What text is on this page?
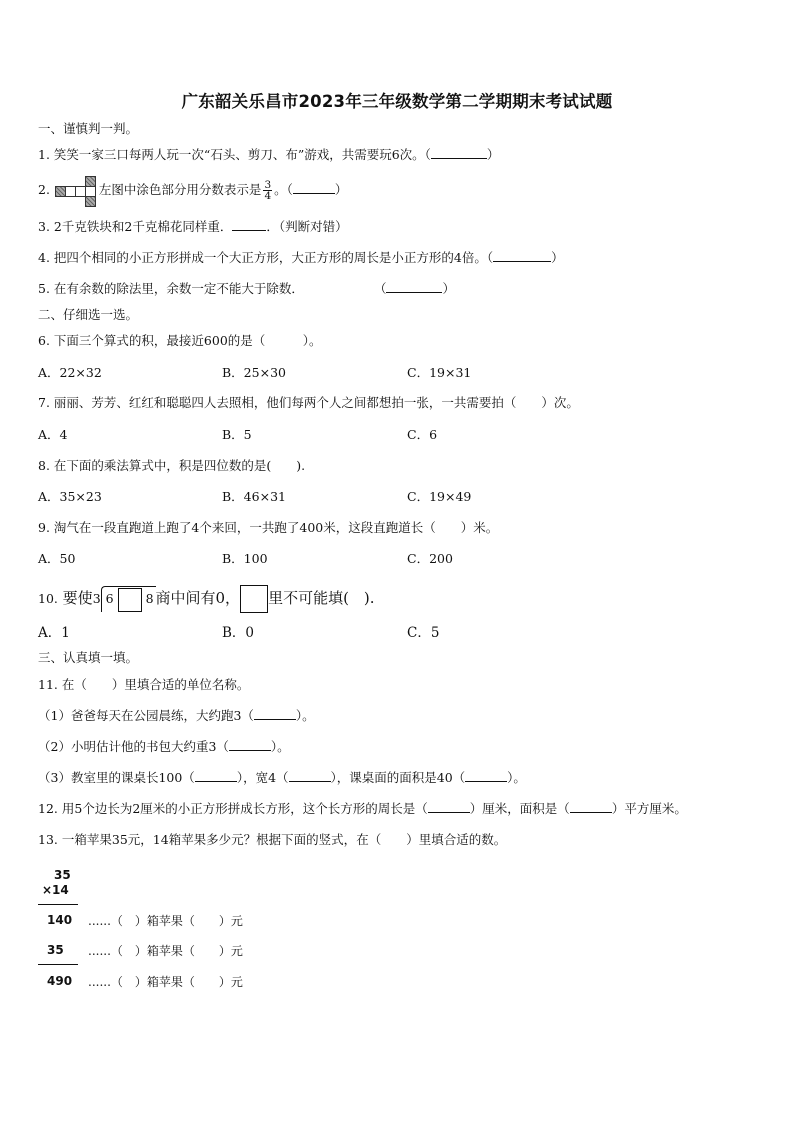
广东韶关乐昌市2023年三年级数学第二学期期末考试试题
一、谨慎判一判。
1. 笑笑一家三口每两人玩一次“石头、剪刀、布”游戏，共需要玩6次。（	）
2.	左图中涂色部分用分数表示是 $\frac{3}{4}$ 。（	）
3. 2千克铁块和2千克棉花同样重．	．（判断对错）
4. 把四个相同的小正方形拼成一个大正方形，大正方形的周长是小正方形的4倍。（	）
5. 在有余数的除法里，余数一定不能大于除数．	（	）
二、仔细选一选。
6. 下面三个算式的积，最接近600的是（　　　）。
A．22×32	B．25×30	C．19×31
7. 丽丽、芳芳、红红和聪聪四人去照相，他们每两个人之间都想拍一张，一共需要拍（　　）次。
A．4	B．5	C．6
8. 在下面的乘法算式中，积是四位数的是(　　).
A．35×23	B．46×31	C．19×49
9. 淘气在一段直跑道上跑了4个来回，一共跑了400米，这段直跑道长（　　）米。
A．50	B．100	C．200
10. 要使3 6	8 商中间有0， 里不可能填(　).
A．1	B．0	C．5
三、认真填一填。
11. 在（　　）里填合适的单位名称。
（1）爸爸每天在公园晨练，大约跑3（	）。
（2）小明估计他的书包大约重3（	）。
（3）教室里的课桌长100（	），宽4（	），课桌面的面积是40（	）。
12. 用5个边长为2厘米的小正方形拼成长方形，这个长方形的周长是（	）厘米，面积是（	）平方厘米。
13. 一箱苹果35元，14箱苹果多少元？根据下面的竖式，在（　　）里填合适的数。
35
×14
140 ......（　）箱苹果（　　）元
35 ......（　）箱苹果（　　）元
490 ......（　）箱苹果（　　）元
